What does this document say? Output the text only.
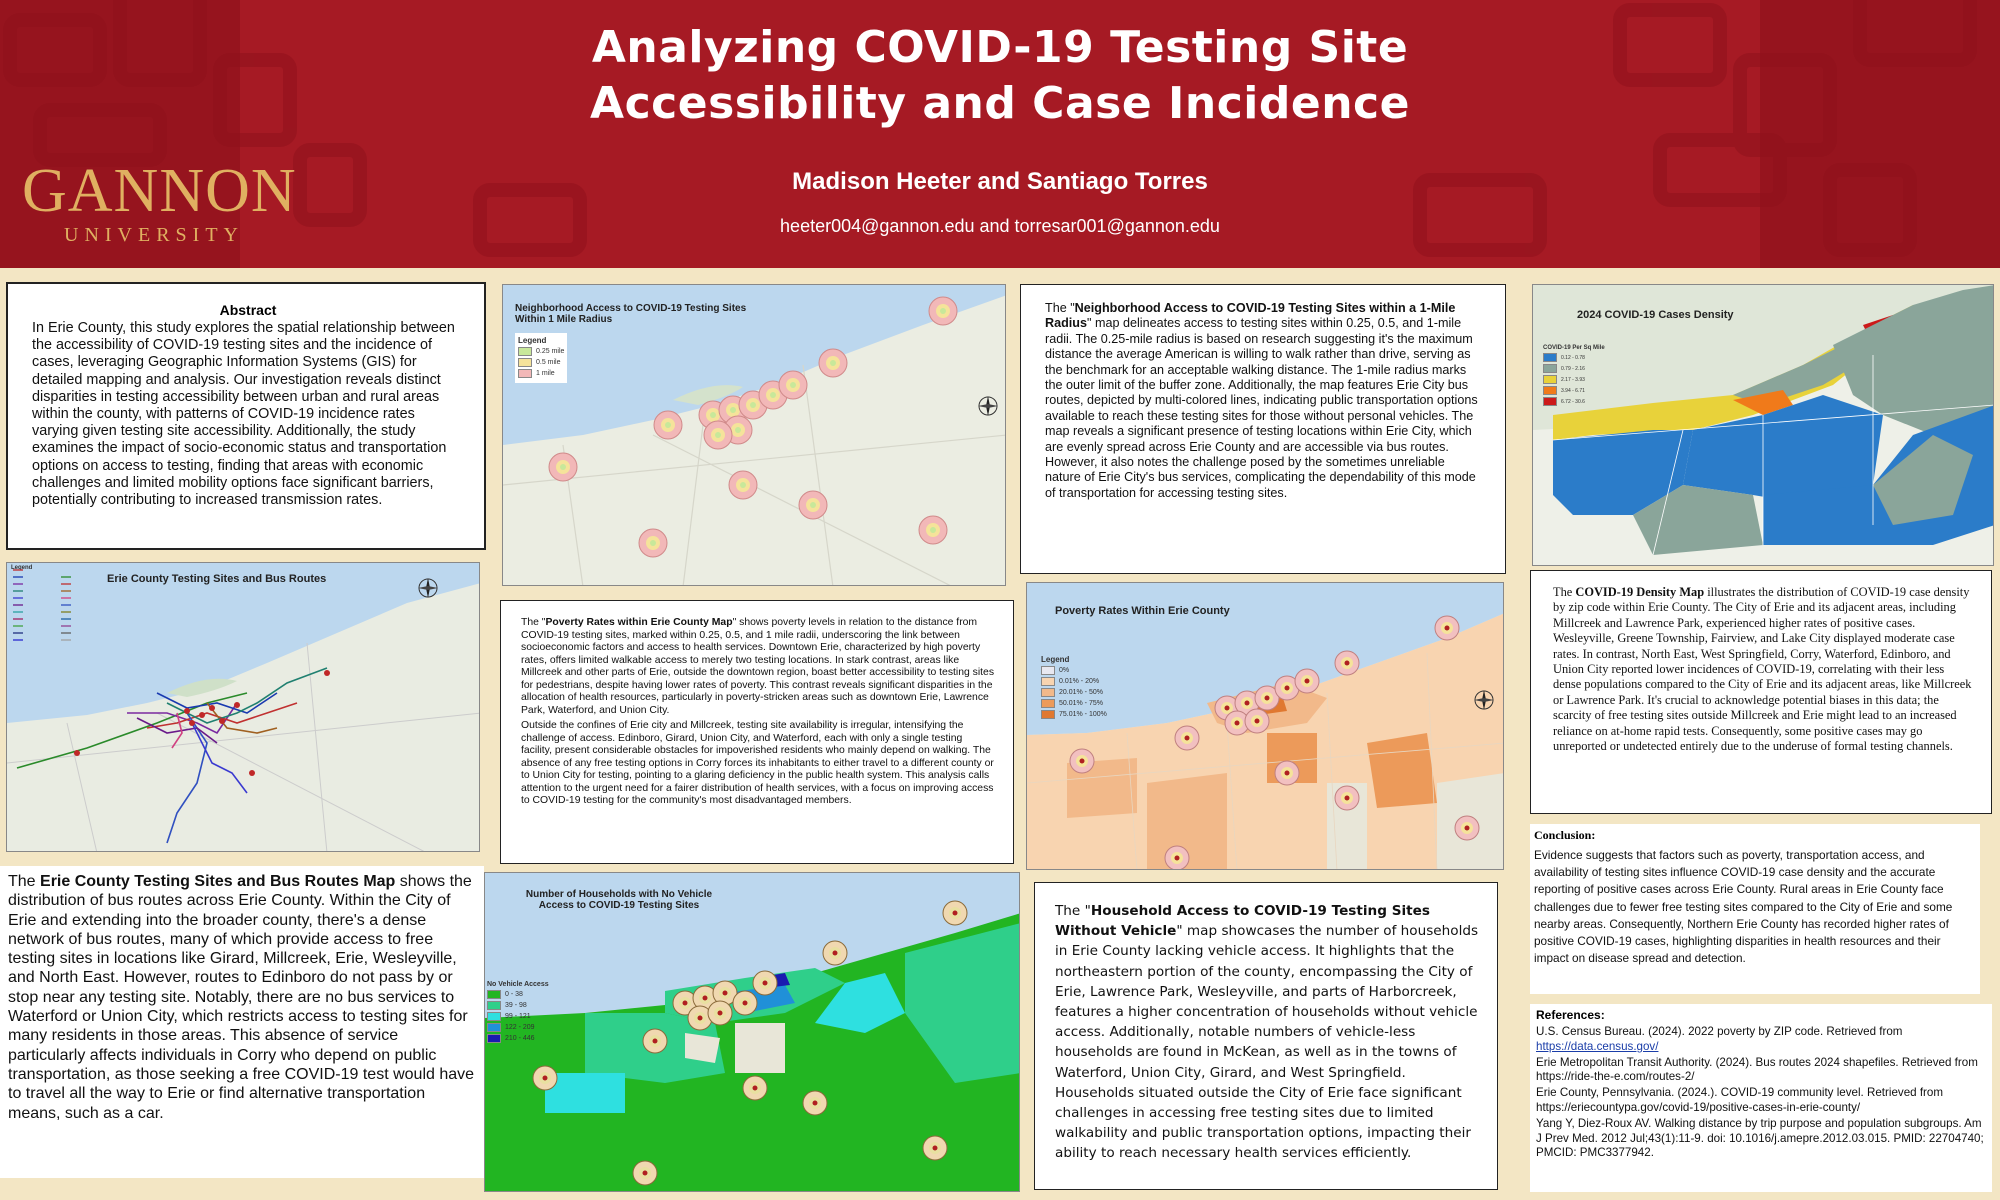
Analyzing COVID-19 Testing Site
Accessibility and Case Incidence
Madison Heeter and Santiago Torres
heeter004@gannon.edu and torresar001@gannon.edu
GANNON
UNIVERSITY
Abstract
In Erie County, this study explores the spatial relationship between the accessibility of COVID-19 testing sites and the incidence of cases, leveraging Geographic Information Systems (GIS) for detailed mapping and analysis. Our investigation reveals distinct disparities in testing accessibility between urban and rural areas within the county, with patterns of COVID-19 incidence rates varying given testing site accessibility. Additionally, the study examines the impact of socio-economic status and transportation options on access to testing, finding that areas with economic challenges and limited mobility options face significant barriers, potentially contributing to increased transmission rates.
Erie County Testing Sites and Bus Routes
Legend
The Erie County Testing Sites and Bus Routes Map shows the distribution of bus routes across Erie County. Within the City of Erie and extending into the broader county, there's a dense network of bus routes, many of which provide access to free testing sites in locations like Girard, Millcreek, Erie, Wesleyville, and North East. However, routes to Edinboro do not pass by or stop near any testing site. Notably, there are no bus services to Waterford or Union City, which restricts access to testing sites for many residents in those areas. This absence of service particularly affects individuals in Corry who depend on public transportation, as those seeking a free COVID-19 test would have to travel all the way to Erie or find alternative transportation means, such as a car.
Neighborhood Access to COVID-19 Testing Sites Within 1 Mile Radius
Legend
0.25 mile
0.5 mile
1 mile

The "Poverty Rates within Erie County Map" shows poverty levels in relation to the distance from COVID-19 testing sites, marked within 0.25, 0.5, and 1 mile radii, underscoring the link between socioeconomic factors and access to health services. Downtown Erie, characterized by high poverty rates, offers limited walkable access to merely two testing locations. In stark contrast, areas like Millcreek and other parts of Erie, outside the downtown region, boast better accessibility to testing sites for pedestrians, despite having lower rates of poverty. This contrast reveals significant disparities in the allocation of health resources, particularly in poverty-stricken areas such as downtown Erie, Lawrence Park, Waterford, and Union City.

Outside the confines of Erie city and Millcreek, testing site availability is irregular, intensifying the challenge of access. Edinboro, Girard, Union City, and Waterford, each with only a single testing facility, present considerable obstacles for impoverished residents who mainly depend on walking. The absence of any free testing options in Corry forces its inhabitants to either travel to a different county or to Union City for testing, pointing to a glaring deficiency in the public health system. This analysis calls attention to the urgent need for a fairer distribution of health services, with a focus on improving access to COVID-19 testing for the community's most disadvantaged members.

Number of Households with No Vehicle
Access to COVID-19 Testing Sites
No Vehicle Access
0 - 38
39 - 98
99 - 121
122 - 209
210 - 446
The "Neighborhood Access to COVID-19 Testing Sites within a 1-Mile Radius" map delineates access to testing sites within 0.25, 0.5, and 1-mile radii. The 0.25-mile radius is based on research suggesting it's the maximum distance the average American is willing to walk rather than drive, serving as the benchmark for an acceptable walking distance. The 1-mile radius marks the outer limit of the buffer zone. Additionally, the map features Erie City bus routes, depicted by multi-colored lines, indicating public transportation options available to reach these testing sites for those without personal vehicles. The map reveals a significant presence of testing locations within Erie City, which are evenly spread across Erie County and are accessible via bus routes. However, it also notes the challenge posed by the sometimes unreliable nature of Erie City's bus services, complicating the dependability of this mode of transportation for accessing testing sites.
Poverty Rates Within Erie County
Legend
0%
0.01% - 20%
20.01% - 50%
50.01% - 75%
75.01% - 100%
The "Household Access to COVID-19 Testing Sites Without Vehicle" map showcases the number of households in Erie County lacking vehicle access. It highlights that the northeastern portion of the county, encompassing the City of Erie, Lawrence Park, Wesleyville, and parts of Harborcreek, features a higher concentration of households without vehicle access. Additionally, notable numbers of vehicle-less households are found in McKean, as well as in the towns of Waterford, Union City, Girard, and West Springfield. Households situated outside the City of Erie face significant challenges in accessing free testing sites due to limited walkability and public transportation options, impacting their ability to reach necessary health services efficiently.
2024 COVID-19 Cases Density
COVID-19 Per Sq Mile
0.12 - 0.78
0.79 - 2.16
2.17 - 3.93
3.94 - 6.71
6.72 - 30.6
The COVID-19 Density Map illustrates the distribution of COVID-19 case density by zip code within Erie County. The City of Erie and its adjacent areas, including Millcreek and Lawrence Park, experienced higher rates of positive cases. Wesleyville, Greene Township, Fairview, and Lake City displayed moderate case rates. In contrast, North East, West Springfield, Corry, Waterford, Edinboro, and Union City reported lower incidences of COVID-19, correlating with their less dense populations compared to the City of Erie and its adjacent areas, like Millcreek or Lawrence Park. It's crucial to acknowledge potential biases in this data; the scarcity of free testing sites outside Millcreek and Erie might lead to an increased reliance on at-home rapid tests. Consequently, some positive cases may go unreported or undetected entirely due to the underuse of formal testing channels.
Conclusion:
Evidence suggests that factors such as poverty, transportation access, and availability of testing sites influence COVID-19 case density and the accurate reporting of positive cases across Erie County. Rural areas in Erie County face challenges due to fewer free testing sites compared to the City of Erie and some nearby areas. Consequently, Northern Erie County has recorded higher rates of positive COVID-19 cases, highlighting disparities in health resources and their impact on disease spread and detection.
References:
U.S. Census Bureau. (2024). 2022 poverty by ZIP code. Retrieved from https://data.census.gov/
Erie Metropolitan Transit Authority. (2024). Bus routes 2024 shapefiles. Retrieved from https://ride-the-e.com/routes-2/
Erie County, Pennsylvania. (2024.). COVID-19 community level. Retrieved from https://eriecountypa.gov/covid-19/positive-cases-in-erie-county/
Yang Y, Diez-Roux AV. Walking distance by trip purpose and population subgroups. Am J Prev Med. 2012 Jul;43(1):11-9. doi: 10.1016/j.amepre.2012.03.015. PMID: 22704740; PMCID: PMC3377942.
